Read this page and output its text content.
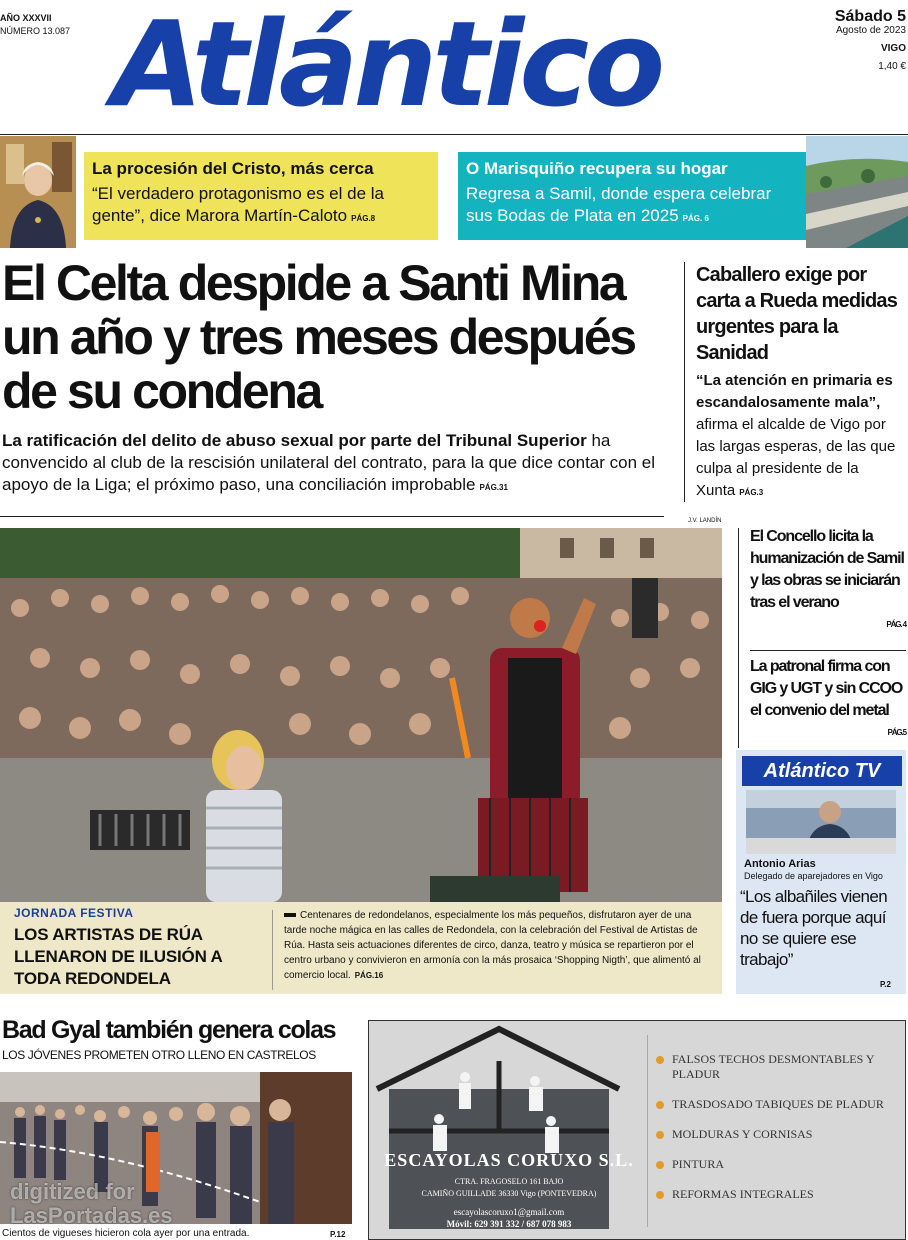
AÑO XXXVII
NÚMERO 13.087 Atlántico	Sábado 5
Agosto de 2023
VIGO
1,40 €
La procesión del Cristo, más cerca
“El verdadero protagonismo es el de la gente”, dice Marora Martín-Caloto PÁG.8
O Marisquiño recupera su hogar
Regresa a Samil, donde espera celebrar sus Bodas de Plata en 2025 PÁG. 6
El Celta despide a Santi Mina un año y tres meses después de su condena
La ratificación del delito de abuso sexual por parte del Tribunal Superior ha convencido al club de la rescisión unilateral del contrato, para la que dice contar con el apoyo de la Liga; el próximo paso, una conciliación improbable PÁG.31
Caballero exige por carta a Rueda medidas urgentes para la Sanidad
“La atención en primaria es escandalosamente mala”, afirma el alcalde de Vigo por las largas esperas, de las que culpa al presidente de la Xunta PÁG.3
J.V. LANDÍN
JORNADA FESTIVA
LOS ARTISTAS DE RÚA LLENARON DE ILUSIÓN A TODA REDONDELA
Centenares de redondelanos, especialmente los más pequeños, disfrutaron ayer de una tarde noche mágica en las calles de Redondela, con la celebración del Festival de Artistas de Rúa. Hasta seis actuaciones diferentes de circo, danza, teatro y música se repartieron por el centro urbano y convivieron en armonía con la más prosaica ‘Shopping Nigth’, que alimentó al comercio local. PÁG.16
El Concello licita la humanización de Samil y las obras se iniciarán tras el verano
PÁG. 4
La patronal firma con GIG y UGT y sin CCOO el convenio del metal
PÁG.5
Atlántico TV
Antonio Arias
Delegado de aparejadores en Vigo
“Los albañiles vienen de fuera porque aquí no se quiere ese trabajo”
P.2
Bad Gyal también genera colas
LOS JÓVENES PROMETEN OTRO LLENO EN CASTRELOS
digitized for
LasPortadas.es
Cientos de vigueses hicieron cola ayer por una entrada.	P.12
ESCAYOLAS CORUXO S.L.
CTRA. FRAGOSELO 161 BAJO
CAMIÑO GUILLADE 36330 Vigo (PONTEVEDRA)
escayolascoruxo1@gmail.com
Móvil: 629 391 332 / 687 078 983
FALSOS TECHOS DESMONTABLES Y PLADUR
TRASDOSADO TABIQUES DE PLADUR
MOLDURAS Y CORNISAS
PINTURA
REFORMAS INTEGRALES
